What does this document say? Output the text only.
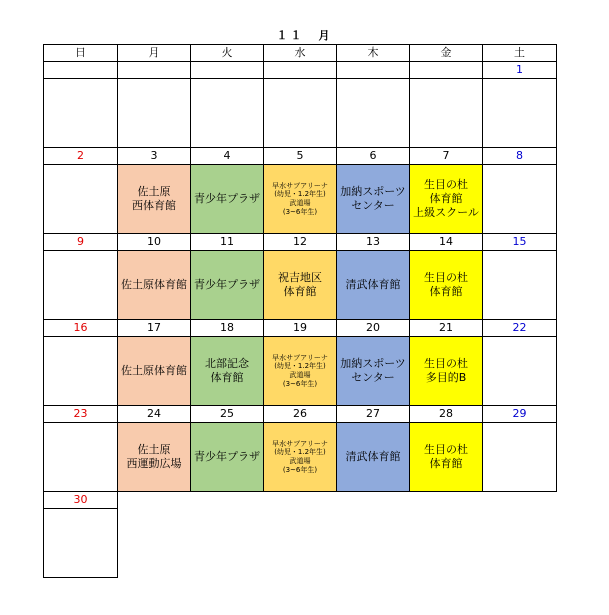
１１　月
日	月	火	水	木	金	土
						1

2	3	4	5	6	7	8

	佐土原
西体育館	青少年プラザ	早水サブアリーナ
(幼児・1.2年生)
武道場
(3~6年生)	加納スポーツ
センター	生目の杜
体育館
上級スクール	

9	10	11	12	13	14	15

	佐土原体育館	青少年プラザ	祝吉地区
体育館	清武体育館	生目の杜
体育館	

16	17	18	19	20	21	22

	佐土原体育館	北部記念
体育館	早水サブアリーナ
(幼児・1.2年生)
武道場
(3~6年生)	加納スポーツ
センター	生目の杜
多目的B	

23	24	25	26	27	28	29

	佐土原
西運動広場	青少年プラザ	早水サブアリーナ
(幼児・1.2年生)
武道場
(3~6年生)	清武体育館	生目の杜
体育館	

30						
